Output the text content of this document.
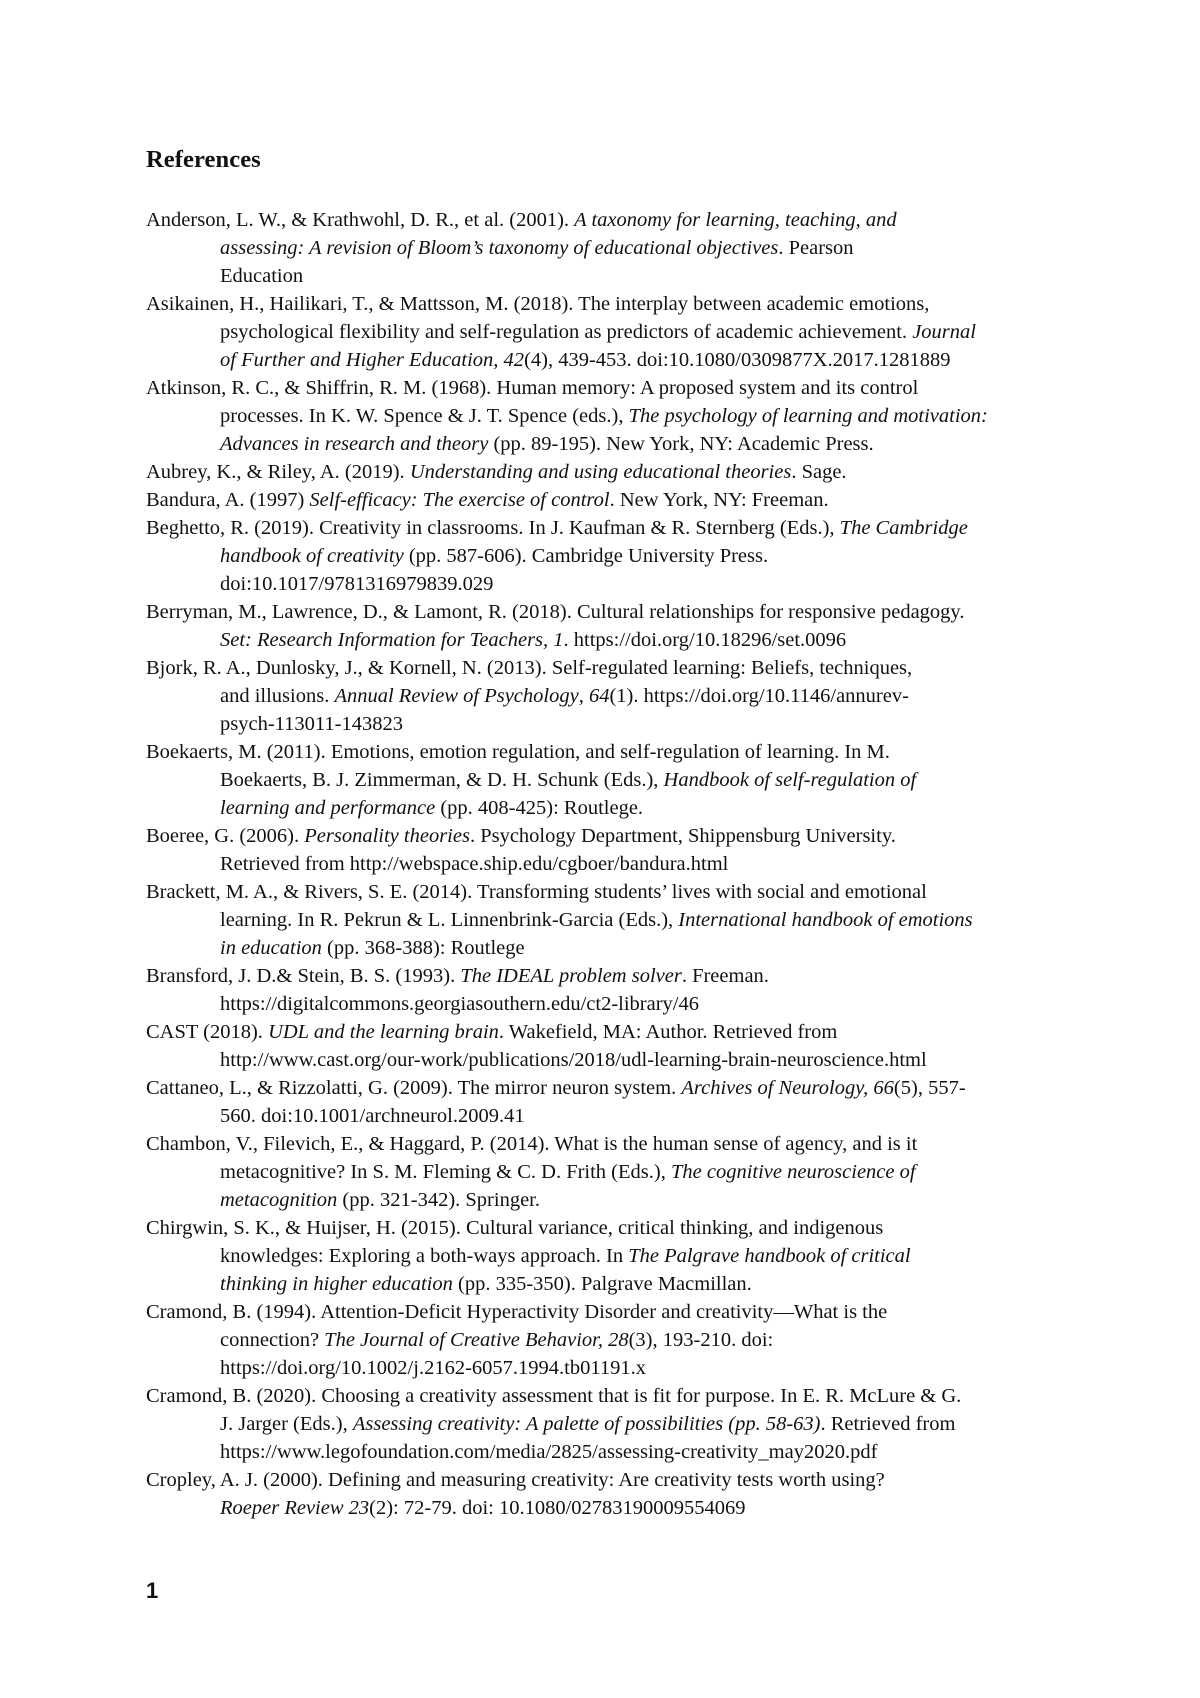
References

Anderson, L. W., & Krathwohl, D. R., et al. (2001). A taxonomy for learning, teaching, and
assessing: A revision of Bloom’s taxonomy of educational objectives. Pearson
Education

Asikainen, H., Hailikari, T., & Mattsson, M. (2018). The interplay between academic emotions,
psychological flexibility and self-regulation as predictors of academic achievement. Journal
of Further and Higher Education, 42(4), 439-453. doi:10.1080/0309877X.2017.1281889

Atkinson, R. C., & Shiffrin, R. M. (1968). Human memory: A proposed system and its control
processes. In K. W. Spence & J. T. Spence (eds.), The psychology of learning and motivation:
Advances in research and theory (pp. 89-195). New York, NY: Academic Press.

Aubrey, K., & Riley, A. (2019). Understanding and using educational theories. Sage.

Bandura, A. (1997) Self-efficacy: The exercise of control. New York, NY: Freeman.

Beghetto, R. (2019). Creativity in classrooms. In J. Kaufman & R. Sternberg (Eds.), The Cambridge
handbook of creativity (pp. 587-606). Cambridge University Press.
doi:10.1017/9781316979839.029

Berryman, M., Lawrence, D., & Lamont, R. (2018). Cultural relationships for responsive pedagogy.
Set: Research Information for Teachers, 1. https://doi.org/10.18296/set.0096

Bjork, R. A., Dunlosky, J., & Kornell, N. (2013). Self-regulated learning: Beliefs, techniques,
and illusions. Annual Review of Psychology, 64(1). https://doi.org/10.1146/annurev-
psych-113011-143823

Boekaerts, M. (2011). Emotions, emotion regulation, and self-regulation of learning. In M.
Boekaerts, B. J. Zimmerman, & D. H. Schunk (Eds.), Handbook of self-regulation of
learning and performance (pp. 408-425): Routlege.

Boeree, G. (2006). Personality theories. Psychology Department, Shippensburg University.
Retrieved from http://webspace.ship.edu/cgboer/bandura.html

Brackett, M. A., & Rivers, S. E. (2014). Transforming students’ lives with social and emotional
learning. In R. Pekrun & L. Linnenbrink-Garcia (Eds.), International handbook of emotions
in education (pp. 368-388): Routlege

Bransford, J. D.& Stein, B. S. (1993). The IDEAL problem solver. Freeman.
https://digitalcommons.georgiasouthern.edu/ct2-library/46

CAST (2018). UDL and the learning brain. Wakefield, MA: Author. Retrieved from
http://www.cast.org/our-work/publications/2018/udl-learning-brain-neuroscience.html

Cattaneo, L., & Rizzolatti, G. (2009). The mirror neuron system. Archives of Neurology, 66(5), 557-
560. doi:10.1001/archneurol.2009.41

Chambon, V., Filevich, E., & Haggard, P. (2014). What is the human sense of agency, and is it
metacognitive? In S. M. Fleming & C. D. Frith (Eds.), The cognitive neuroscience of
metacognition (pp. 321-342). Springer.

Chirgwin, S. K., & Huijser, H. (2015). Cultural variance, critical thinking, and indigenous
knowledges: Exploring a both-ways approach. In The Palgrave handbook of critical
thinking in higher education (pp. 335-350). Palgrave Macmillan.

Cramond, B. (1994). Attention-Deficit Hyperactivity Disorder and creativity—What is the
connection? The Journal of Creative Behavior, 28(3), 193-210. doi:
https://doi.org/10.1002/j.2162-6057.1994.tb01191.x

Cramond, B. (2020). Choosing a creativity assessment that is fit for purpose. In E. R. McLure & G.
J. Jarger (Eds.), Assessing creativity: A palette of possibilities (pp. 58-63). Retrieved from
https://www.legofoundation.com/media/2825/assessing-creativity_may2020.pdf

Cropley, A. J. (2000). Defining and measuring creativity: Are creativity tests worth using?
Roeper Review 23(2): 72-79. doi: 10.1080/02783190009554069

1
